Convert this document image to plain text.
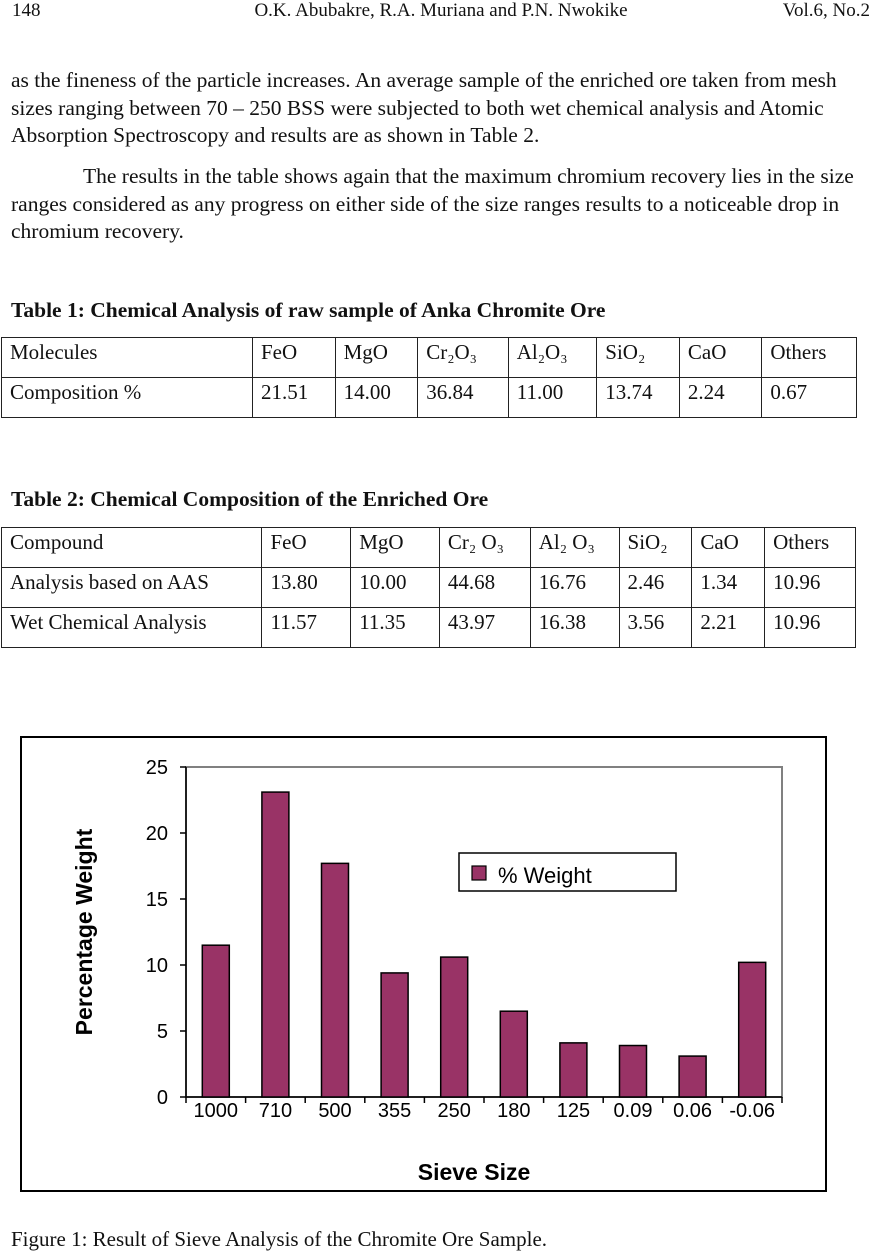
148	O.K. Abubakre, R.A. Muriana and P.N. Nwokike	Vol.6, No.2

as the fineness of the particle increases. An average sample of the enriched ore taken from mesh sizes ranging between 70 – 250 BSS were subjected to both wet chemical analysis and Atomic Absorption Spectroscopy and results are as shown in Table 2.

The results in the table shows again that the maximum chromium recovery lies in the size ranges considered as any progress on either side of the size ranges results to a noticeable drop in chromium recovery.

Table 1: Chemical Analysis of raw sample of Anka Chromite Ore

Molecules	FeO	MgO	Cr₂O₃	Al₂O₃	SiO₂	CaO	Others
Composition %	21.51	14.00	36.84	11.00	13.74	2.24	0.67

Table 2: Chemical Composition of the Enriched Ore

Compound	FeO	MgO	Cr₂ O₃	Al₂ O₃	SiO₂	CaO	Others
Analysis based on AAS	13.80	10.00	44.68	16.76	2.46	1.34	10.96
Wet Chemical Analysis	11.57	11.35	43.97	16.38	3.56	2.21	10.96
0
5
10
15
20
25
1000 710 500 355 250 180 125 0.09 0.06 -0.06
Percentage Weight
Sieve Size
% Weight

Figure 1: Result of Sieve Analysis of the Chromite Ore Sample.
